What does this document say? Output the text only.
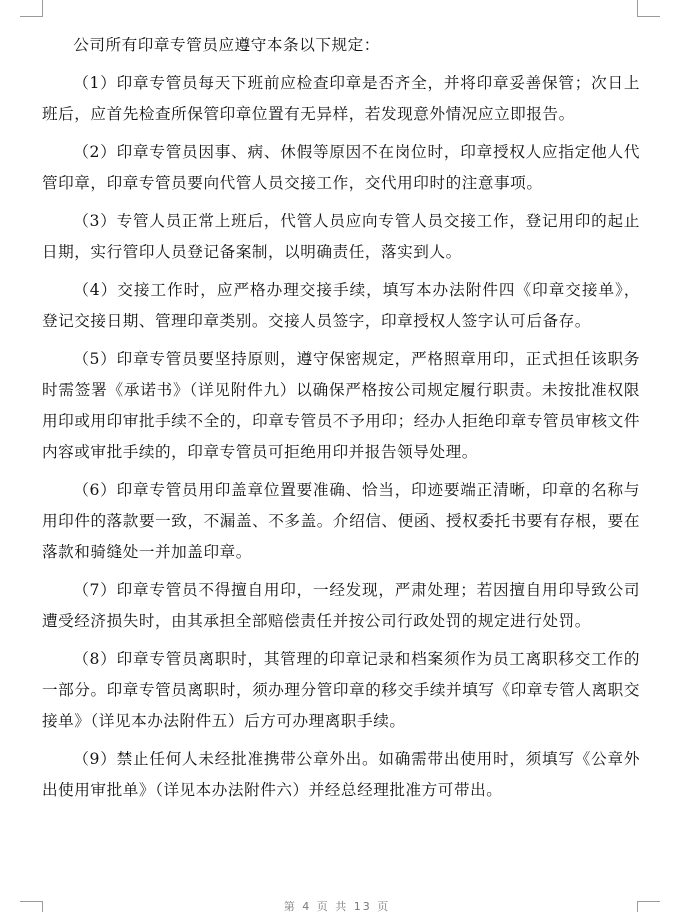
公司所有印章专管员应遵守本条以下规定：

（1）印章专管员每天下班前应检查印章是否齐全，并将印章妥善保管；次日上班后，应首先检查所保管印章位置有无异样，若发现意外情况应立即报告。

（2）印章专管员因事、病、休假等原因不在岗位时，印章授权人应指定他人代管印章，印章专管员要向代管人员交接工作，交代用印时的注意事项。

（3）专管人员正常上班后，代管人员应向专管人员交接工作，登记用印的起止日期，实行管印人员登记备案制，以明确责任，落实到人。

（4）交接工作时，应严格办理交接手续，填写本办法附件四《印章交接单》，登记交接日期、管理印章类别。交接人员签字，印章授权人签字认可后备存。

（5）印章专管员要坚持原则，遵守保密规定，严格照章用印，正式担任该职务时需签署《承诺书》（详见附件九）以确保严格按公司规定履行职责。未按批准权限用印或用印审批手续不全的，印章专管员不予用印；经办人拒绝印章专管员审核文件内容或审批手续的，印章专管员可拒绝用印并报告领导处理。

（6）印章专管员用印盖章位置要准确、恰当，印迹要端正清晰，印章的名称与用印件的落款要一致，不漏盖、不多盖。介绍信、便函、授权委托书要有存根，要在落款和骑缝处一并加盖印章。

（7）印章专管员不得擅自用印，一经发现，严肃处理；若因擅自用印导致公司遭受经济损失时，由其承担全部赔偿责任并按公司行政处罚的规定进行处罚。

（8）印章专管员离职时，其管理的印章记录和档案须作为员工离职移交工作的一部分。印章专管员离职时，须办理分管印章的移交手续并填写《印章专管人离职交接单》（详见本办法附件五）后方可办理离职手续。

（9）禁止任何人未经批准携带公章外出。如确需带出使用时，须填写《公章外出使用审批单》（详见本办法附件六）并经总经理批准方可带出。

第 4 页 共 13 页
